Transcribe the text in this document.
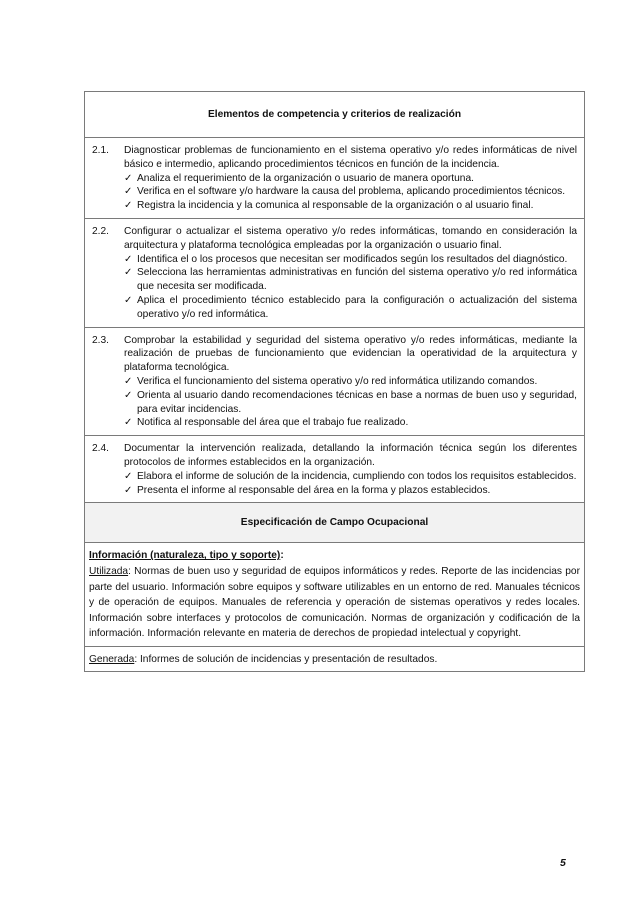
Elementos de competencia y criterios de realización
2.1.	Diagnosticar problemas de funcionamiento en el sistema operativo y/o redes informáticas de nivel básico e intermedio, aplicando procedimientos técnicos en función de la incidencia.
✓ Analiza el requerimiento de la organización o usuario de manera oportuna.
✓ Verifica en el software y/o hardware la causa del problema, aplicando procedimientos técnicos.
✓ Registra la incidencia y la comunica al responsable de la organización o al usuario final.
2.2.	Configurar o actualizar el sistema operativo y/o redes informáticas, tomando en consideración la arquitectura y plataforma tecnológica empleadas por la organización o usuario final.
✓ Identifica el o los procesos que necesitan ser modificados según los resultados del diagnóstico.
✓ Selecciona las herramientas administrativas en función del sistema operativo y/o red informática que necesita ser modificada.
✓ Aplica el procedimiento técnico establecido para la configuración o actualización del sistema operativo y/o red informática.
2.3.	Comprobar la estabilidad y seguridad del sistema operativo y/o redes informáticas, mediante la realización de pruebas de funcionamiento que evidencian la operatividad de la arquitectura y plataforma tecnológica.
✓ Verifica el funcionamiento del sistema operativo y/o red informática utilizando comandos.
✓ Orienta al usuario dando recomendaciones técnicas en base a normas de buen uso y seguridad, para evitar incidencias.
✓ Notifica al responsable del área que el trabajo fue realizado.
2.4.	Documentar la intervención realizada, detallando la información técnica según los diferentes protocolos de informes establecidos en la organización.
✓ Elabora el informe de solución de la incidencia, cumpliendo con todos los requisitos establecidos.
✓ Presenta el informe al responsable del área en la forma y plazos establecidos.
Especificación de Campo Ocupacional
Información (naturaleza, tipo y soporte):
Utilizada: Normas de buen uso y seguridad de equipos informáticos y redes. Reporte de las incidencias por parte del usuario. Información sobre equipos y software utilizables en un entorno de red. Manuales técnicos y de operación de equipos. Manuales de referencia y operación de sistemas operativos y redes locales. Información sobre interfaces y protocolos de comunicación. Normas de organización y codificación de la información. Información relevante en materia de derechos de propiedad intelectual y copyright.
Generada: Informes de solución de incidencias y presentación de resultados.
5
